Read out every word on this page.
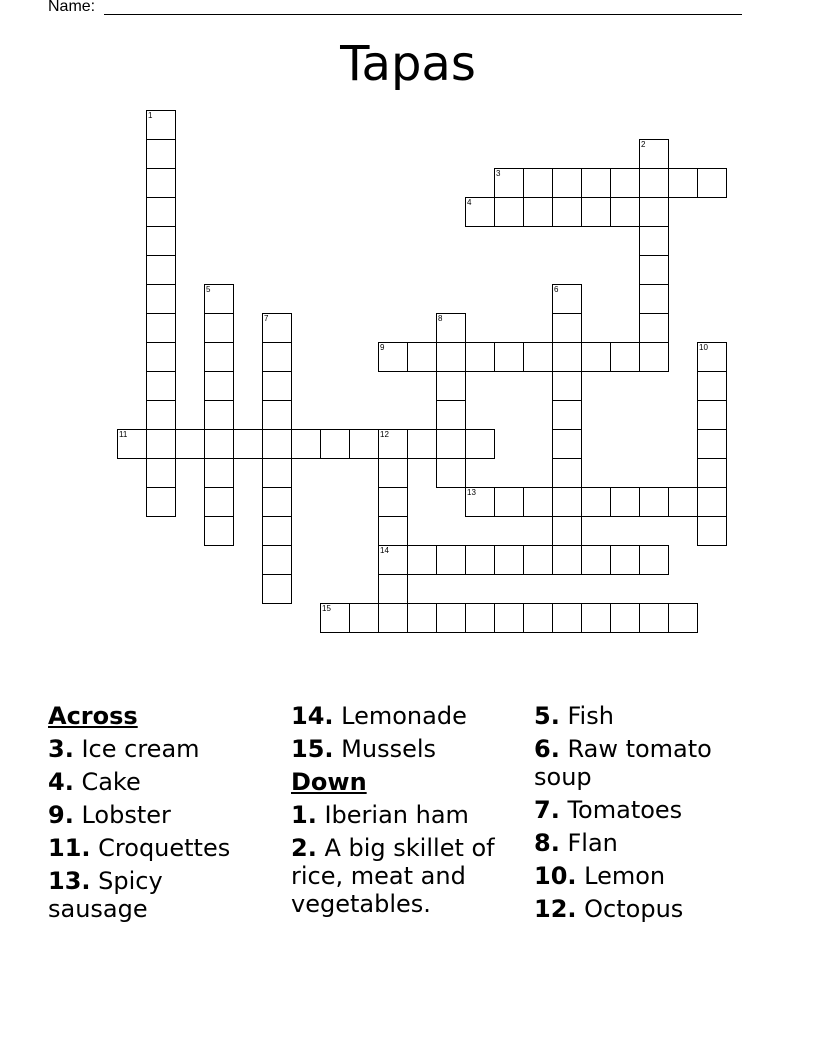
Name:
Tapas
1
2
3
4
5	6
7	8
9	10
11	12
14
13
15
Across
3. Ice cream
4. Cake
9. Lobster
11. Croquettes
13. Spicy sausage
14. Lemonade
15. Mussels
Down
1. Iberian ham
2. A big skillet of rice, meat and vegetables.
5. Fish
6. Raw tomato soup
7. Tomatoes
8. Flan
10. Lemon
12. Octopus
